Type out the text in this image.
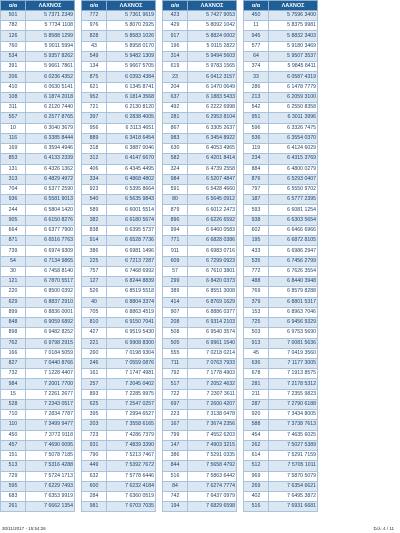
α/α	ΛΑΧΝΟΣ
501	5 7371 2349
782	5 7734 1108
126	5 8588 1299
760	5 9011 5994
534	5 9357 8262
391	5 9661 7861
206	6 0236 4352
410	6 0630 5141
108	6 1874 2018
311	6 2120 7440
557	6 2577 8765
10	6 3040 3679
116	6 3385 8444
169	6 3594 4946
853	6 4133 2339
131	6 4326 1362
313	6 4829 4972
704	6 5377 2590
936	6 5581 9013
244	6 5804 1420
905	6 6150 8276
664	6 6377 7900
871	6 6516 7763
739	6 6974 9309
54	6 7134 9865
30	6 7458 8140
121	6 7870 5517
220	6 8500 0392
629	6 8837 2910
899	6 8836 0001
848	6 9059 6892
898	6 9482 8252
762	6 9798 2915
166	7 0184 5059
827	7 0440 8766
732	7 1228 4407
984	7 2001 7700
15	7 2261 2677
528	7 2343 0517
710	7 2834 7787
110	7 3499 9477
450	7 3772 9118
457	7 4690 0095
151	7 5078 7185
513	7 5316 4288
729	7 5724 1713
595	7 6229 7493
683	7 6353 9919
261	7 6662 1354
α/α	ΛΑΧΝΟΣ
772	5 7361 9619
976	5 8070 2925
828	5 8583 1026
43	5 8958 0170
549	5 9482 1309
134	5 9667 5705
875	6 0393 4384
621	6 1345 8741
952	6 1814 3568
721	6 2130 8120
397	6 2838 4005
956	6 3113 4651
889	6 3418 6454
318	6 3887 0046
312	6 4147 6670
406	6 4345 4495
334	6 4868 4802
923	6 5395 8664
540	6 5635 9843
589	6 6001 5514
382	6 6180 5674
838	6 6395 5737
914	6 6528 7736
386	6 6981 1496
225	6 7213 7287
757	6 7468 6992
127	6 8244 8839
526	6 8519 5518
40	6 8804 3374
705	6 8863 4519
810	6 9150 7041
427	6 9519 5430
221	6 9908 8300
260	7 0198 9304
246	7 0559 0876
161	7 1747 4981
257	7 2045 0402
893	7 2285 9975
625	7 2547 0257
395	7 2994 6527
203	7 3558 6165
723	7 4286 7379
931	7 4839 3390
790	7 5213 7467
449	7 5392 7672
632	7 5778 6446
600	7 6232 4184
284	7 6360 0519
981	7 6703 7035
α/α	ΛΑΧΝΟΣ
423	5 7427 9053
429	5 8092 1042
917	5 8824 0002
196	5 9115 2822
314	5 9494 5603
619	5 9783 1565
23	6 0412 3157
204	6 1470 0649
637	6 1883 5433
492	6 2222 6998
281	6 2953 8104
867	6 3305 2637
983	6 3454 8922
630	6 4053 4965
582	6 4201 8414
324	6 4739 2558
984	6 5207 4847
591	6 5428 4660
80	6 5645 0912
879	6 6012 2473
896	6 6226 6592
994	6 6460 0583
771	6 6828 0386
911	6 6983 0716
609	6 7299 0923
57	6 7610 3801
299	6 8420 0373
389	6 8551 3008
414	6 8769 1629
907	6 8886 0377
208	6 9314 2103
508	6 9540 3574
505	6 9961 1540
555	7 0218 0214
711	7 0763 7933
792	7 1778 4903
517	7 2052 4632
722	7 2307 3611
697	7 2600 4207
223	7 3138 0478
167	7 3674 2356
799	7 4552 6203
147	7 4903 3215
386	7 5291 0335
844	7 5658 4792
516	7 5863 6442
84	7 6274 7774
742	7 6437 0979
194	7 6829 6598
α/α	ΛΑΧΝΟΣ
450	5 7596 3400
11	5 8375 9981
945	5 8832 3403
577	5 9180 3469
64	5 9507 3537
374	5 9845 8411
33	6 0587 4319
286	6 1478 7779
213	6 2059 3100
542	6 2550 8358
951	6 3011 3996
596	6 3326 7475
536	6 3554 0370
119	6 4124 6029
234	6 4315 3769
884	6 4800 0279
876	6 5293 0407
797	6 5550 9702
187	6 5777 2395
593	6 6081 1254
938	6 6303 5654
602	6 6466 6966
195	6 6872 8105
433	6 6986 2947
535	6 7456 2799
772	6 7626 3554
488	6 8440 3948
769	6 8579 8288
379	6 8801 5317
153	6 8963 7046
725	6 9456 9329
503	6 9753 5690
913	7 0081 5636
45	7 0419 3560
636	7 1177 3005
678	7 1913 8575
281	7 2178 5312
211	7 2355 9823
287	7 2790 6188
920	7 3434 8005
588	7 3738 7613
454	7 4635 6025
262	7 5027 5389
614	7 5291 7159
512	7 5705 1011
969	7 5870 5079
269	7 6354 6621
402	7 6495 3872
516	7 6931 6681
30/11/2017 - 15:54:26	Σελ. 4 / 11
